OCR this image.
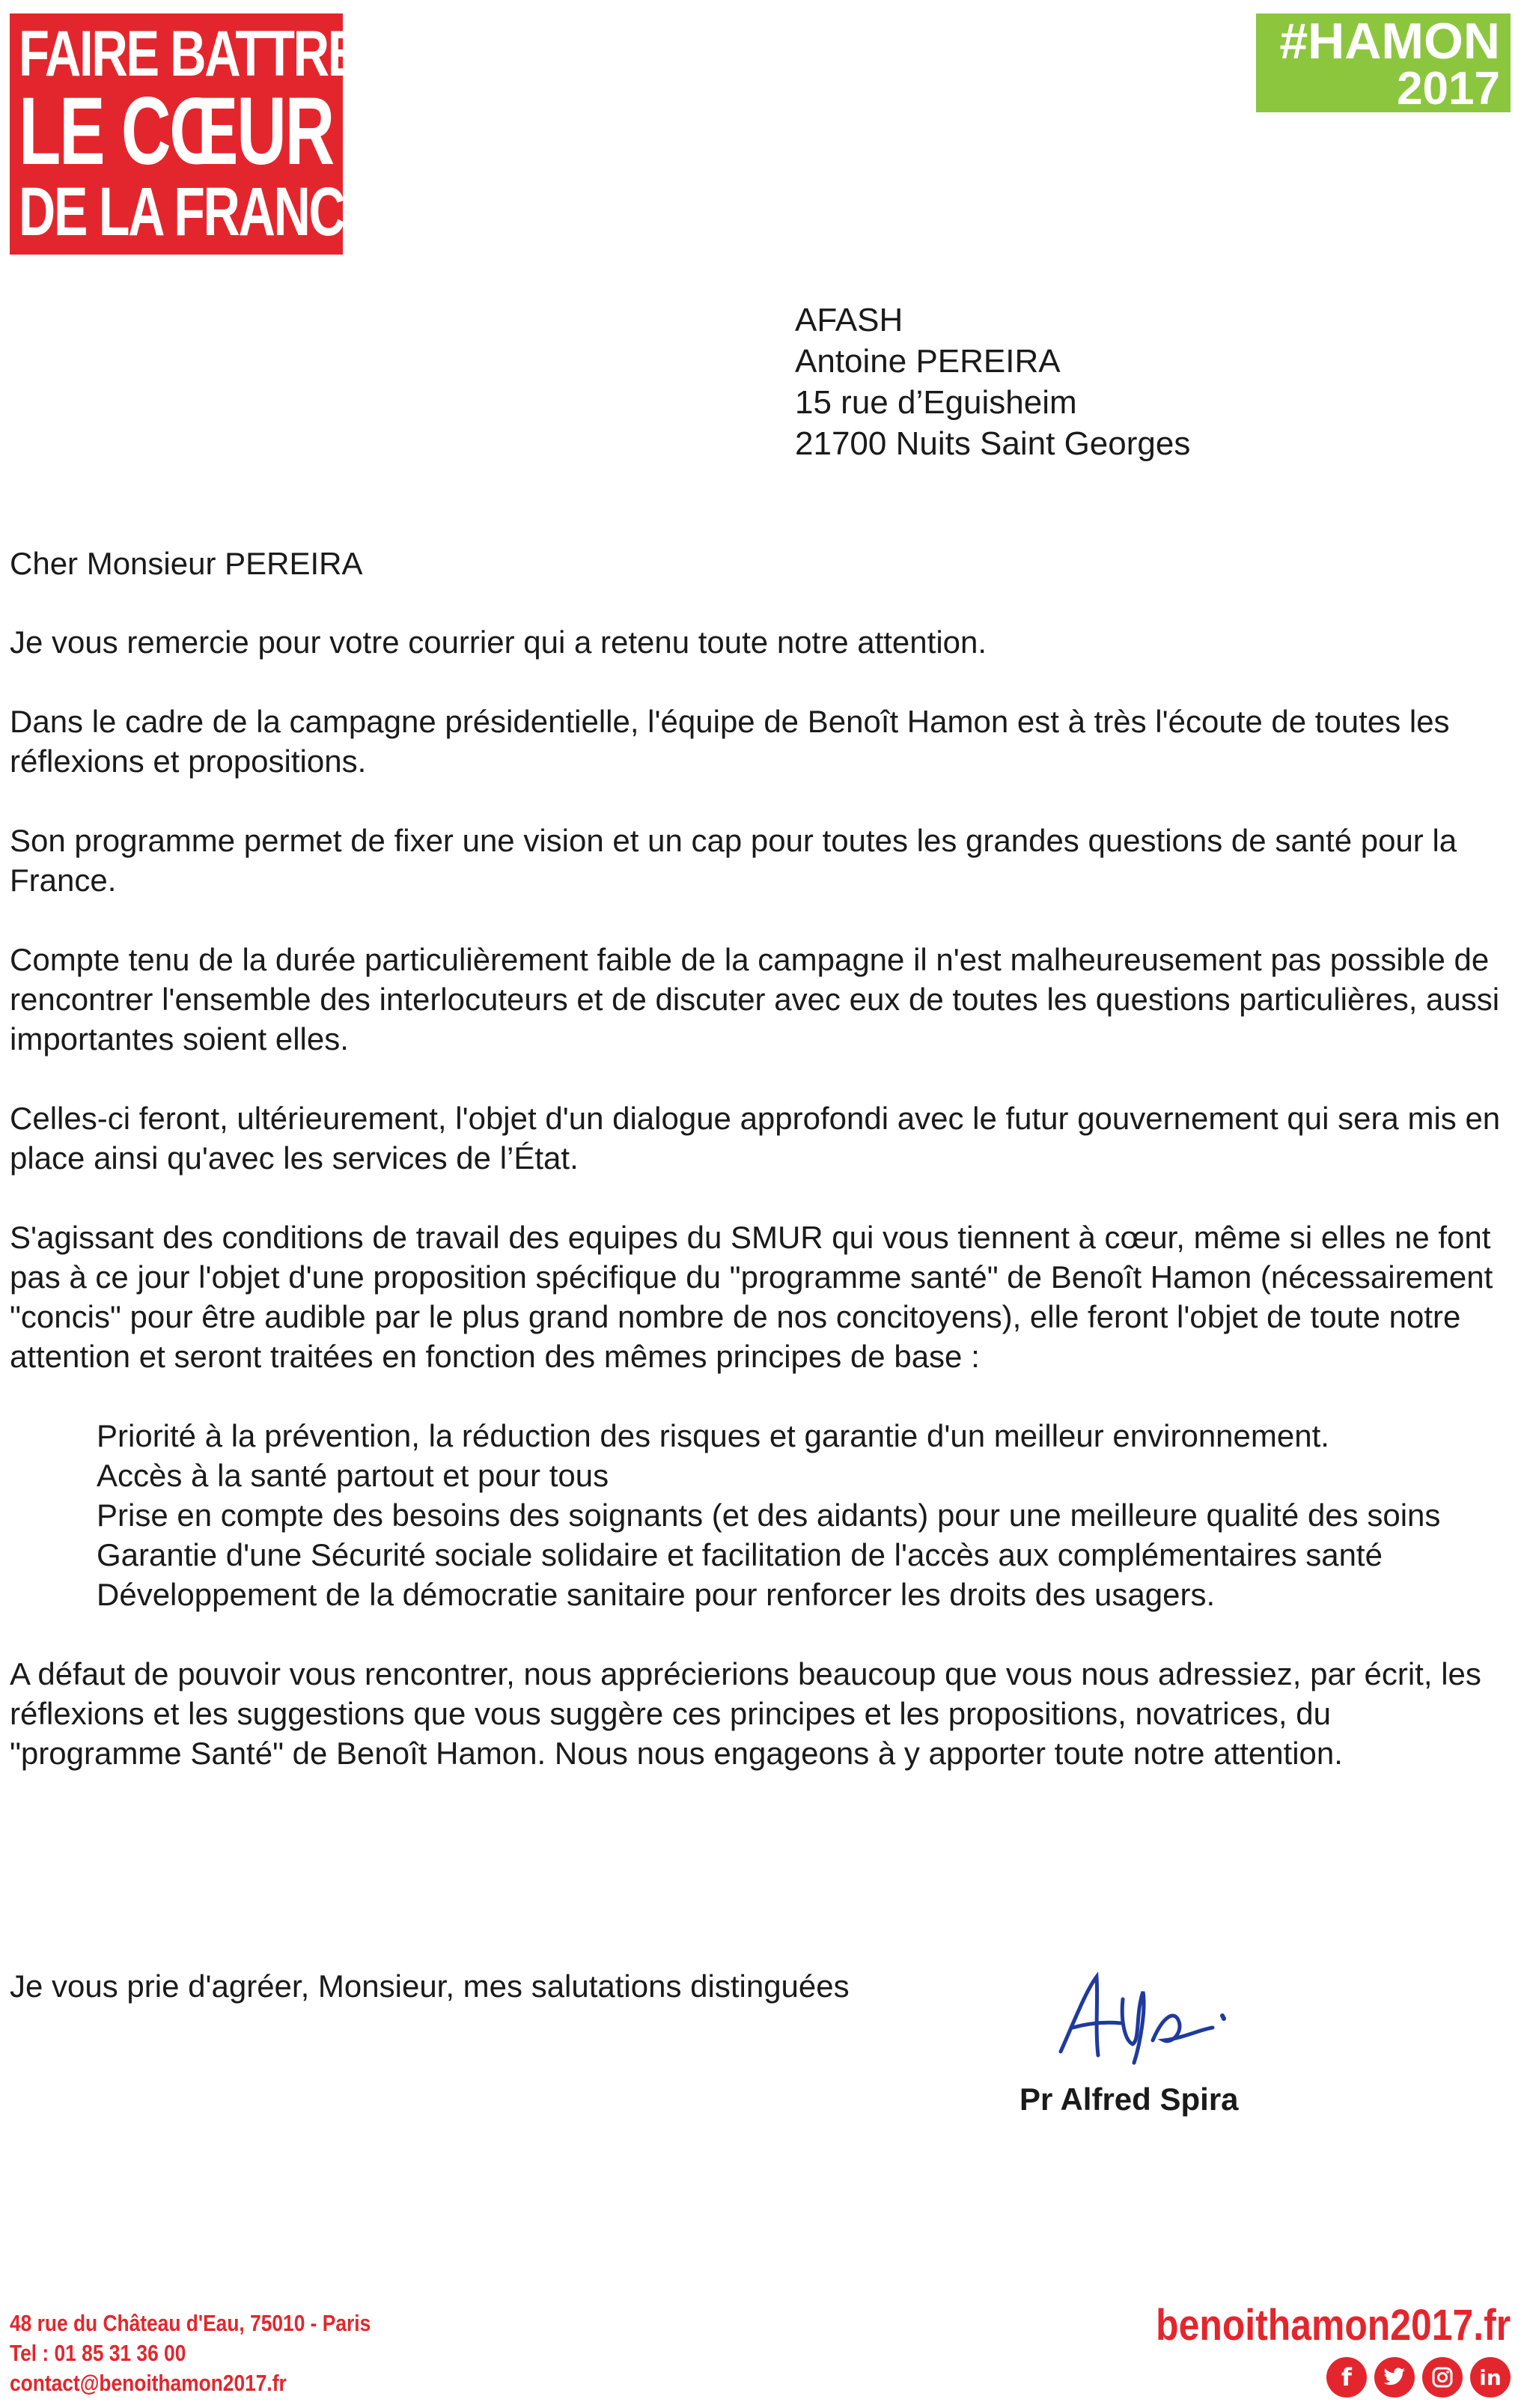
FAIRE BATTRE
LE CŒUR
DE LA FRANCE
#HAMON
2017
AFASH
Antoine PEREIRA
15 rue d’Eguisheim
21700 Nuits Saint Georges

Cher Monsieur PEREIRA

Je vous remercie pour votre courrier qui a retenu toute notre attention.

Dans le cadre de la campagne présidentielle, l'équipe de Benoît Hamon est à très l'écoute de toutes les réflexions et propositions.

Son programme permet de fixer une vision et un cap pour toutes les grandes questions de santé pour la France.

Compte tenu de la durée particulièrement faible de la campagne il n'est malheureusement pas possible de rencontrer l'ensemble des interlocuteurs et de discuter avec eux de toutes les questions particulières, aussi importantes soient elles.

Celles-ci feront, ultérieurement, l'objet d'un dialogue approfondi avec le futur gouvernement qui sera mis en place ainsi qu'avec les services de l’État.

S'agissant des conditions de travail des equipes du SMUR qui vous tiennent à cœur, même si elles ne font pas à ce jour l'objet d'une proposition spécifique du "programme santé" de Benoît Hamon (nécessairement "concis" pour être audible par le plus grand nombre de nos concitoyens), elle feront l'objet de toute notre attention et seront traitées en fonction des mêmes principes de base :

Priorité à la prévention, la réduction des risques et garantie d'un meilleur environnement.
Accès à la santé partout et pour tous
Prise en compte des besoins des soignants (et des aidants) pour une meilleure qualité des soins
Garantie d'une Sécurité sociale solidaire et facilitation de l'accès aux complémentaires santé
Développement de la démocratie sanitaire pour renforcer les droits des usagers.

A défaut de pouvoir vous rencontrer, nous apprécierions beaucoup que vous nous adressiez, par écrit, les réflexions et les suggestions que vous suggère ces principes et les propositions, novatrices, du "programme Santé" de Benoît Hamon. Nous nous engageons à y apporter toute notre attention.

Je vous prie d'agréer, Monsieur, mes salutations distinguées
Pr Alfred Spira
48 rue du Château d'Eau, 75010 - Paris
Tel : 01 85 31 36 00
contact@benoithamon2017.fr
benoithamon2017.fr
f	in
